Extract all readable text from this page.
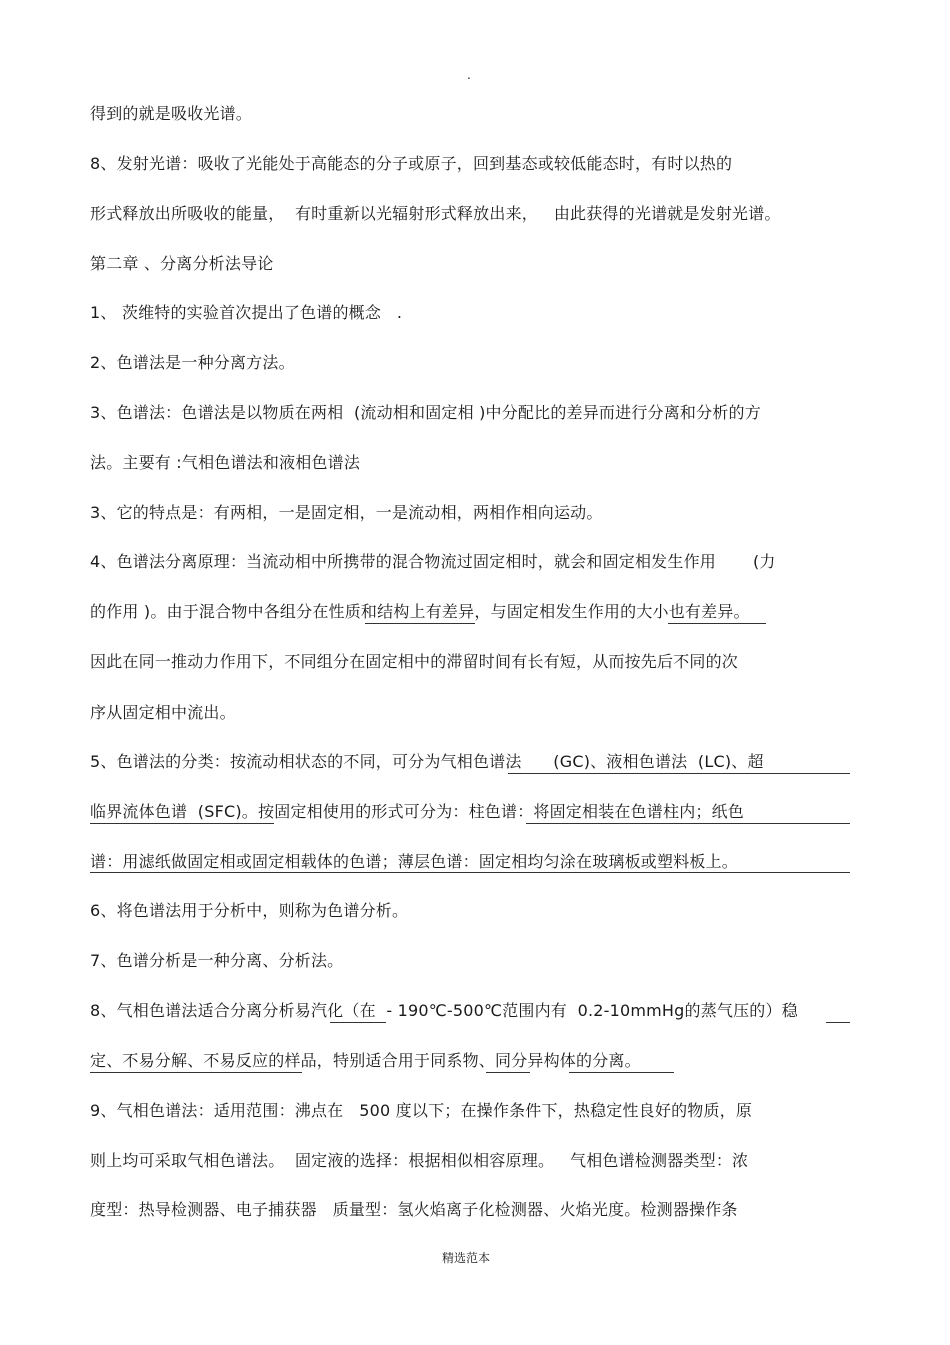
.
得到的就是吸收光谱。
8、发射光谱：吸收了光能处于高能态的分子或原子，回到基态或较低能态时，有时以热的
形式释放出所吸收的能量，  有时重新以光辐射形式释放出来，   由此获得的光谱就是发射光谱。
第二章 、分离分析法导论
1、 茨维特的实验首次提出了色谱的概念   .
2、色谱法是一种分离方法。
3、色谱法：色谱法是以物质在两相  (流动相和固定相 )中分配比的差异而进行分离和分析的方
法。主要有 :气相色谱法和液相色谱法
3、它的特点是：有两相，一是固定相，一是流动相，两相作相向运动。
4、色谱法分离原理：当流动相中所携带的混合物流过固定相时，就会和固定相发生作用       (力
的作用 )。由于混合物中各组分在性质和结构上有差异，与固定相发生作用的大小也有差异。
因此在同一推动力作用下，不同组分在固定相中的滞留时间有长有短，从而按先后不同的次
序从固定相中流出。
5、色谱法的分类：按流动相状态的不同，可分为气相色谱法      (GC)、液相色谱法  (LC)、超
临界流体色谱  (SFC)。按固定相使用的形式可分为：柱色谱：将固定相装在色谱柱内；纸色
谱：用滤纸做固定相或固定相载体的色谱；薄层色谱：固定相均匀涂在玻璃板或塑料板上。
6、将色谱法用于分析中，则称为色谱分析。
7、色谱分析是一种分离、分析法。
8、气相色谱法适合分离分析易汽化（在  - 190℃-500℃范围内有  0.2-10mmHg的蒸气压的）稳
定、不易分解、不易反应的样品，特别适合用于同系物、同分异构体的分离。
9、气相色谱法：适用范围：沸点在   500 度以下；在操作条件下，热稳定性良好的物质，原
则上均可采取气相色谱法。  固定液的选择：根据相似相容原理。   气相色谱检测器类型：浓
度型：热导检测器、电子捕获器   质量型：氢火焰离子化检测器、火焰光度。检测器操作条
精选范本
